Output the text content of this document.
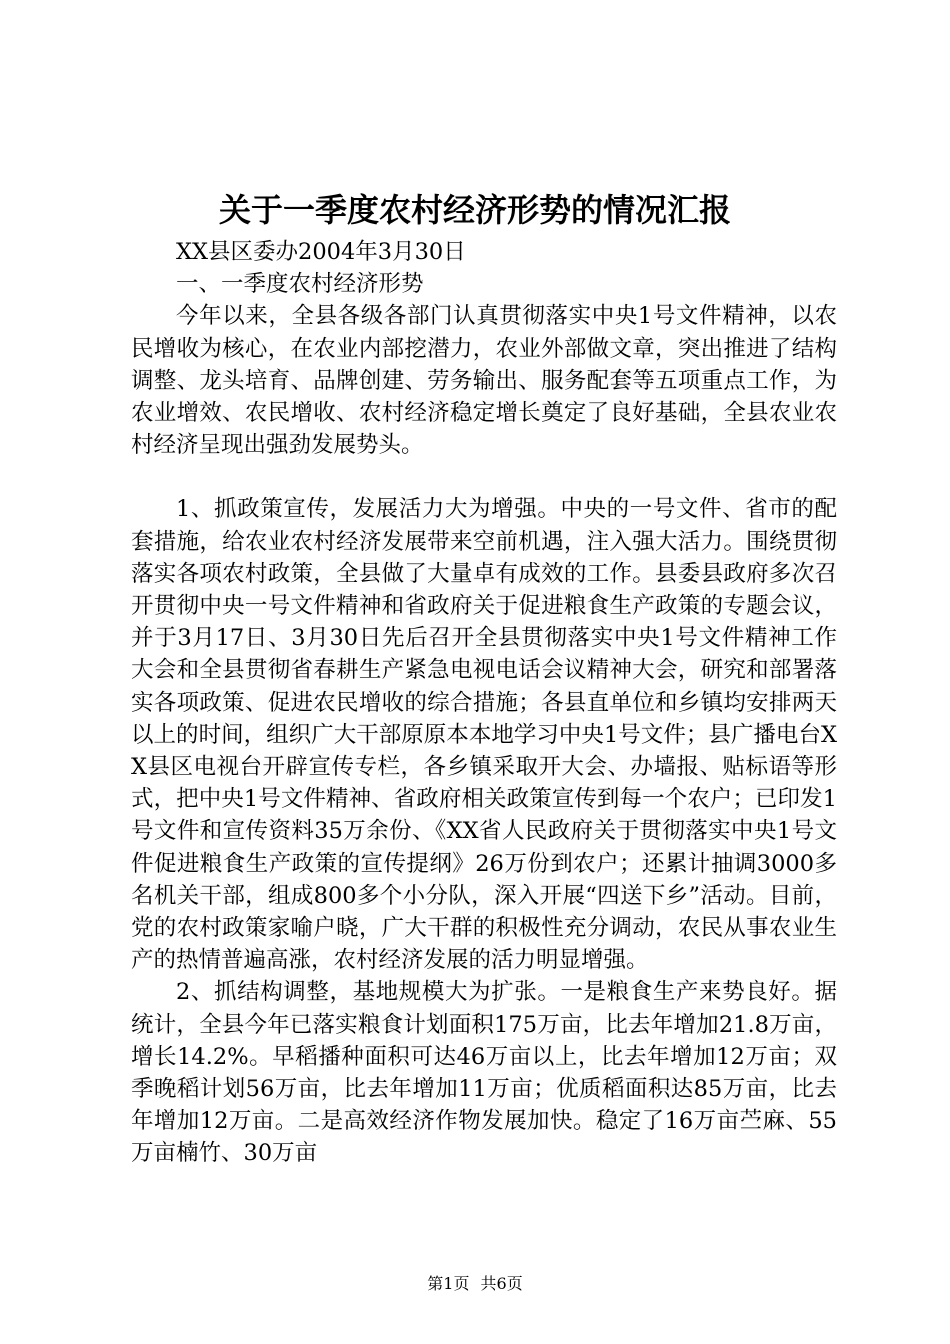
关于一季度农村经济形势的情况汇报

XX县区委办2004年3月30日

一、一季度农村经济形势

今年以来，全县各级各部门认真贯彻落实中央1号文件精神，以农民增收为核心，在农业内部挖潜力，农业外部做文章，突出推进了结构调整、龙头培育、品牌创建、劳务输出、服务配套等五项重点工作，为农业增效、农民增收、农村经济稳定增长奠定了良好基础，全县农业农村经济呈现出强劲发展势头。

1、抓政策宣传，发展活力大为增强。中央的一号文件、省市的配套措施，给农业农村经济发展带来空前机遇，注入强大活力。围绕贯彻落实各项农村政策，全县做了大量卓有成效的工作。县委县政府多次召开贯彻中央一号文件精神和省政府关于促进粮食生产政策的专题会议，并于3月17日、3月30日先后召开全县贯彻落实中央1号文件精神工作大会和全县贯彻省春耕生产紧急电视电话会议精神大会，研究和部署落实各项政策、促进农民增收的综合措施；各县直单位和乡镇均安排两天以上的时间，组织广大干部原原本本地学习中央1号文件；县广播电台XX县区电视台开辟宣传专栏，各乡镇采取开大会、办墙报、贴标语等形式，把中央1号文件精神、省政府相关政策宣传到每一个农户；已印发1号文件和宣传资料35万余份、《XX省人民政府关于贯彻落实中央1号文件促进粮食生产政策的宣传提纲》26万份到农户；还累计抽调3000多名机关干部，组成800多个小分队，深入开展“四送下乡”活动。目前，党的农村政策家喻户晓，广大干群的积极性充分调动，农民从事农业生产的热情普遍高涨，农村经济发展的活力明显增强。

2、抓结构调整，基地规模大为扩张。一是粮食生产来势良好。据统计，全县今年已落实粮食计划面积175万亩，比去年增加21.8万亩，增长14.2%。早稻播种面积可达46万亩以上，比去年增加12万亩；双季晚稻计划56万亩，比去年增加11万亩；优质稻面积达85万亩，比去年增加12万亩。二是高效经济作物发展加快。稳定了16万亩苎麻、55万亩楠竹、30万亩

第1页 共6页
